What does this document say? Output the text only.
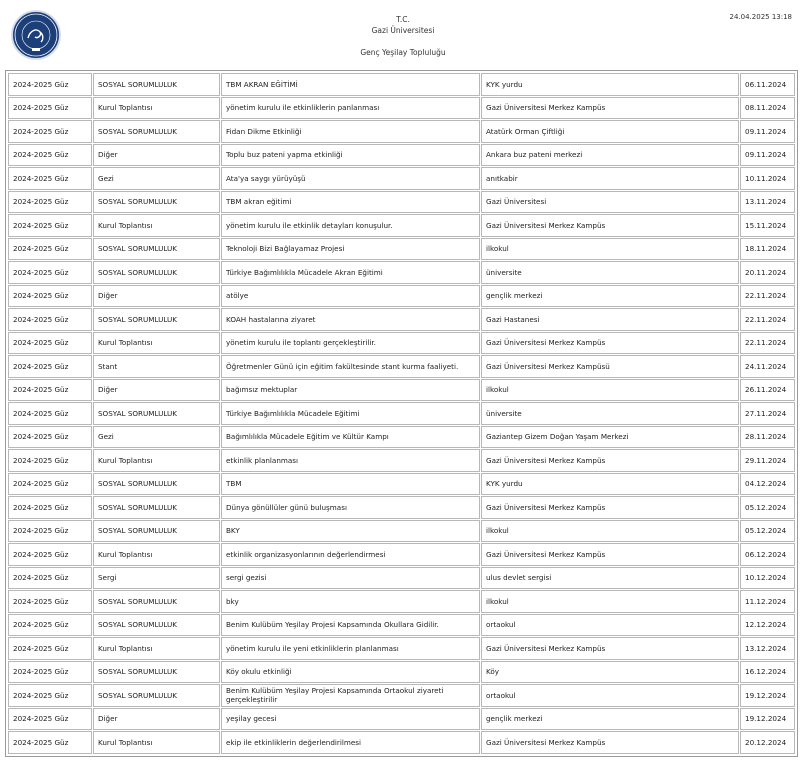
T.C.
Gazi Üniversitesi
Genç Yeşilay Topluluğu
24.04.2025 13:18
2024-2025 Güz	SOSYAL SORUMLULUK	TBM AKRAN EĞİTİMİ	KYK yurdu	06.11.2024
2024-2025 Güz	Kurul Toplantısı	yönetim kurulu ile etkinliklerin panlanması	Gazi Üniversitesi Merkez Kampüs	08.11.2024
2024-2025 Güz	SOSYAL SORUMLULUK	Fidan Dikme Etkinliği	Atatürk Orman Çiftliği	09.11.2024
2024-2025 Güz	Diğer	Toplu buz pateni yapma etkinliği	Ankara buz pateni merkezi	09.11.2024
2024-2025 Güz	Gezi	Ata'ya saygı yürüyüşü	anıtkabir	10.11.2024
2024-2025 Güz	SOSYAL SORUMLULUK	TBM akran eğitimi	Gazi Üniversitesi	13.11.2024
2024-2025 Güz	Kurul Toplantısı	yönetim kurulu ile etkinlik detayları konuşulur.	Gazi Üniversitesi Merkez Kampüs	15.11.2024
2024-2025 Güz	SOSYAL SORUMLULUK	Teknoloji Bizi Bağlayamaz Projesi	ilkokul	18.11.2024
2024-2025 Güz	SOSYAL SORUMLULUK	Türkiye Bağımlılıkla Mücadele Akran Eğitimi	üniversite	20.11.2024
2024-2025 Güz	Diğer	atölye	gençlik merkezi	22.11.2024
2024-2025 Güz	SOSYAL SORUMLULUK	KOAH hastalarına ziyaret	Gazi Hastanesi	22.11.2024
2024-2025 Güz	Kurul Toplantısı	yönetim kurulu ile toplantı gerçekleştirilir.	Gazi Üniversitesi Merkez Kampüs	22.11.2024
2024-2025 Güz	Stant	Öğretmenler Günü için eğitim fakültesinde stant kurma faaliyeti.	Gazi Üniversitesi Merkez Kampüsü	24.11.2024
2024-2025 Güz	Diğer	bağımsız mektuplar	ilkokul	26.11.2024
2024-2025 Güz	SOSYAL SORUMLULUK	Türkiye Bağımlılıkla Mücadele Eğitimi	üniversite	27.11.2024
2024-2025 Güz	Gezi	Bağımlılıkla Mücadele Eğitim ve Kültür Kampı	Gaziantep Gizem Doğan Yaşam Merkezi	28.11.2024
2024-2025 Güz	Kurul Toplantısı	etkinlik planlanması	Gazi Üniversitesi Merkez Kampüs	29.11.2024
2024-2025 Güz	SOSYAL SORUMLULUK	TBM	KYK yurdu	04.12.2024
2024-2025 Güz	SOSYAL SORUMLULUK	Dünya gönüllüler günü buluşması	Gazi Üniversitesi Merkez Kampüs	05.12.2024
2024-2025 Güz	SOSYAL SORUMLULUK	BKY	ilkokul	05.12.2024
2024-2025 Güz	Kurul Toplantısı	etkinlik organizasyonlarının değerlendirmesi	Gazi Üniversitesi Merkez Kampüs	06.12.2024
2024-2025 Güz	Sergi	sergi gezisi	ulus devlet sergisi	10.12.2024
2024-2025 Güz	SOSYAL SORUMLULUK	bky	ilkokul	11.12.2024
2024-2025 Güz	SOSYAL SORUMLULUK	Benim Kulübüm Yeşilay Projesi Kapsamında Okullara Gidilir.	ortaokul	12.12.2024
2024-2025 Güz	Kurul Toplantısı	yönetim kurulu ile yeni etkinliklerin planlanması	Gazi Üniversitesi Merkez Kampüs	13.12.2024
2024-2025 Güz	SOSYAL SORUMLULUK	Köy okulu etkinliği	Köy	16.12.2024
2024-2025 Güz	SOSYAL SORUMLULUK	Benim Kulübüm Yeşilay Projesi Kapsamında Ortaokul ziyareti gerçekleştirilir	ortaokul	19.12.2024
2024-2025 Güz	Diğer	yeşilay gecesi	gençlik merkezi	19.12.2024
2024-2025 Güz	Kurul Toplantısı	ekip ile etkinliklerin değerlendirilmesi	Gazi Üniversitesi Merkez Kampüs	20.12.2024
